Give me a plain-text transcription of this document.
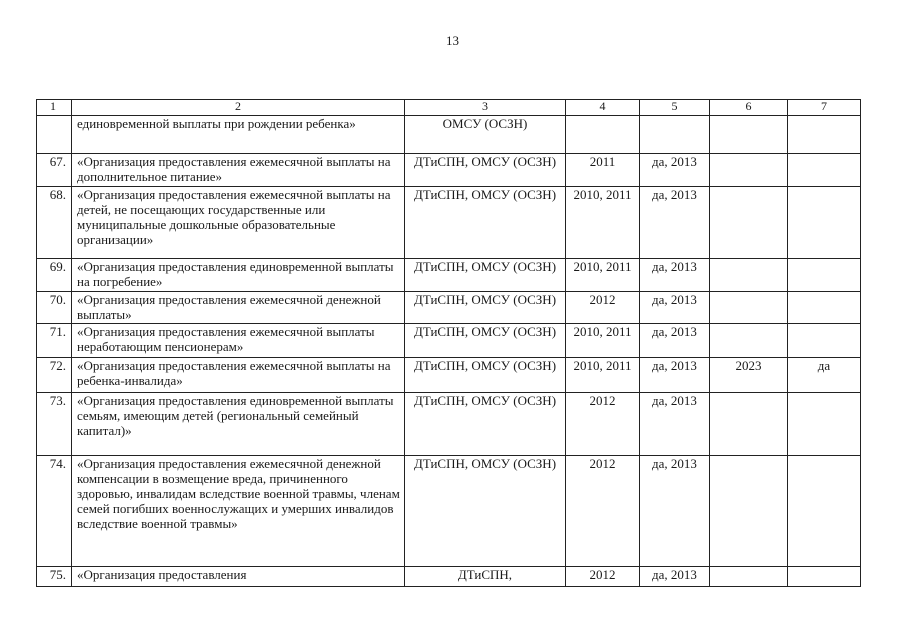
13
1	2	3	4	5	6	7
	единовременной выплаты при рождении ребенка»	ОМСУ (ОСЗН)				
67.	«Организация предоставления ежемесячной выплаты на дополнительное питание»	ДТиСПН, ОМСУ (ОСЗН)	2011	да, 2013		
68.	«Организация предоставления ежемесячной выплаты на детей, не посещающих государственные или муниципальные дошкольные образовательные организации»	ДТиСПН, ОМСУ (ОСЗН)	2010, 2011	да, 2013		
69.	«Организация предоставления единовременной выплаты на погребение»	ДТиСПН, ОМСУ (ОСЗН)	2010, 2011	да, 2013		
70.	«Организация предоставления ежемесячной денежной выплаты»	ДТиСПН, ОМСУ (ОСЗН)	2012	да, 2013		
71.	«Организация предоставления ежемесячной выплаты неработающим пенсионерам»	ДТиСПН, ОМСУ (ОСЗН)	2010, 2011	да, 2013		
72.	«Организация предоставления ежемесячной выплаты на ребенка-инвалида»	ДТиСПН, ОМСУ (ОСЗН)	2010, 2011	да, 2013	2023	да
73.	«Организация предоставления единовременной выплаты семьям, имеющим детей (региональный семейный капитал)»	ДТиСПН, ОМСУ (ОСЗН)	2012	да, 2013		
74.	«Организация предоставления ежемесячной денежной компенсации в возмещение вреда, причиненного здоровью, инвалидам вследствие военной травмы, членам семей погибших военнослужащих и умерших инвалидов вследствие военной травмы»	ДТиСПН, ОМСУ (ОСЗН)	2012	да, 2013		
75.	«Организация предоставления	ДТиСПН,	2012	да, 2013		
